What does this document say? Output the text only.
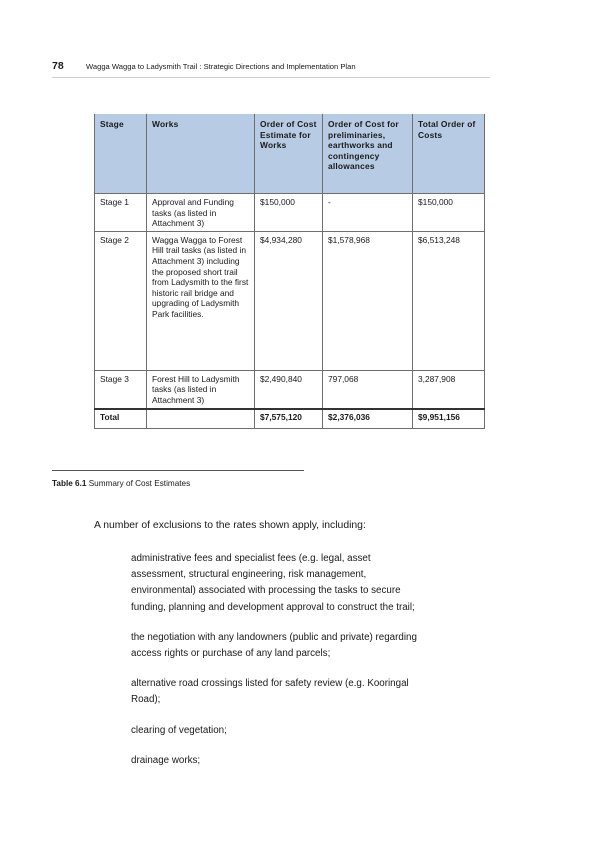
78	Wagga Wagga to Ladysmith Trail : Strategic Directions and Implementation Plan
Stage	Works	Order of Cost Estimate for Works	Order of Cost for preliminaries, earthworks and contingency allowances	Total Order of Costs
Stage 1	Approval and Funding tasks (as listed in Attachment 3)	$150,000	-	$150,000
Stage 2	Wagga Wagga to Forest Hill trail tasks (as listed in Attachment 3) including the proposed short trail from Ladysmith to the first historic rail bridge and upgrading of Ladysmith Park facilities.	$4,934,280	$1,578,968	$6,513,248
Stage 3	Forest Hill to Ladysmith tasks (as listed in Attachment 3)	$2,490,840	797,068	3,287,908
Total		$7,575,120	$2,376,036	$9,951,156
Table 6.1 Summary of Cost Estimates
A number of exclusions to the rates shown apply, including:

administrative fees and specialist fees (e.g. legal, asset assessment, structural engineering, risk management, environmental) associated with processing the tasks to secure funding, planning and development approval to construct the trail;

the negotiation with any landowners (public and private) regarding access rights or purchase of any land parcels;

alternative road crossings listed for safety review (e.g. Kooringal Road);

clearing of vegetation;

drainage works;
